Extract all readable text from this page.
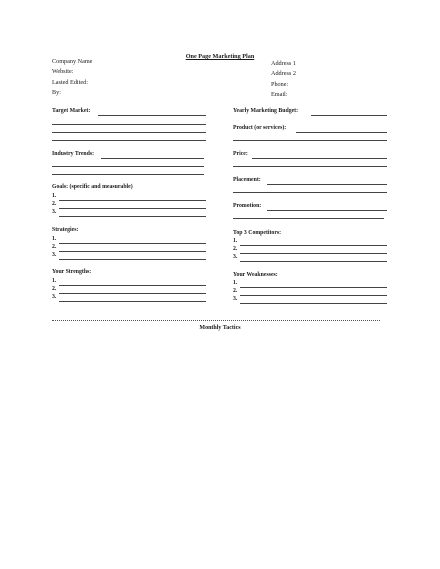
One Page Marketing Plan
Company Name
Website:
Lasted Edited:
By:
Address 1
Address 2
Phone:
Email:
Target Market:
Industry Trends:
Goals: (specific and measurable)
1.
2.
3.
Strategies:
1.
2.
3.
Your Strengths:
1.
2.
3.
Yearly Marketing Budget:
Product (or services):
Price:
Placement:
Promotion:
Top 3 Competitors:
1.
2.
3.
Your Weaknesses:
1.
2.
3.
Monthly Tactics
